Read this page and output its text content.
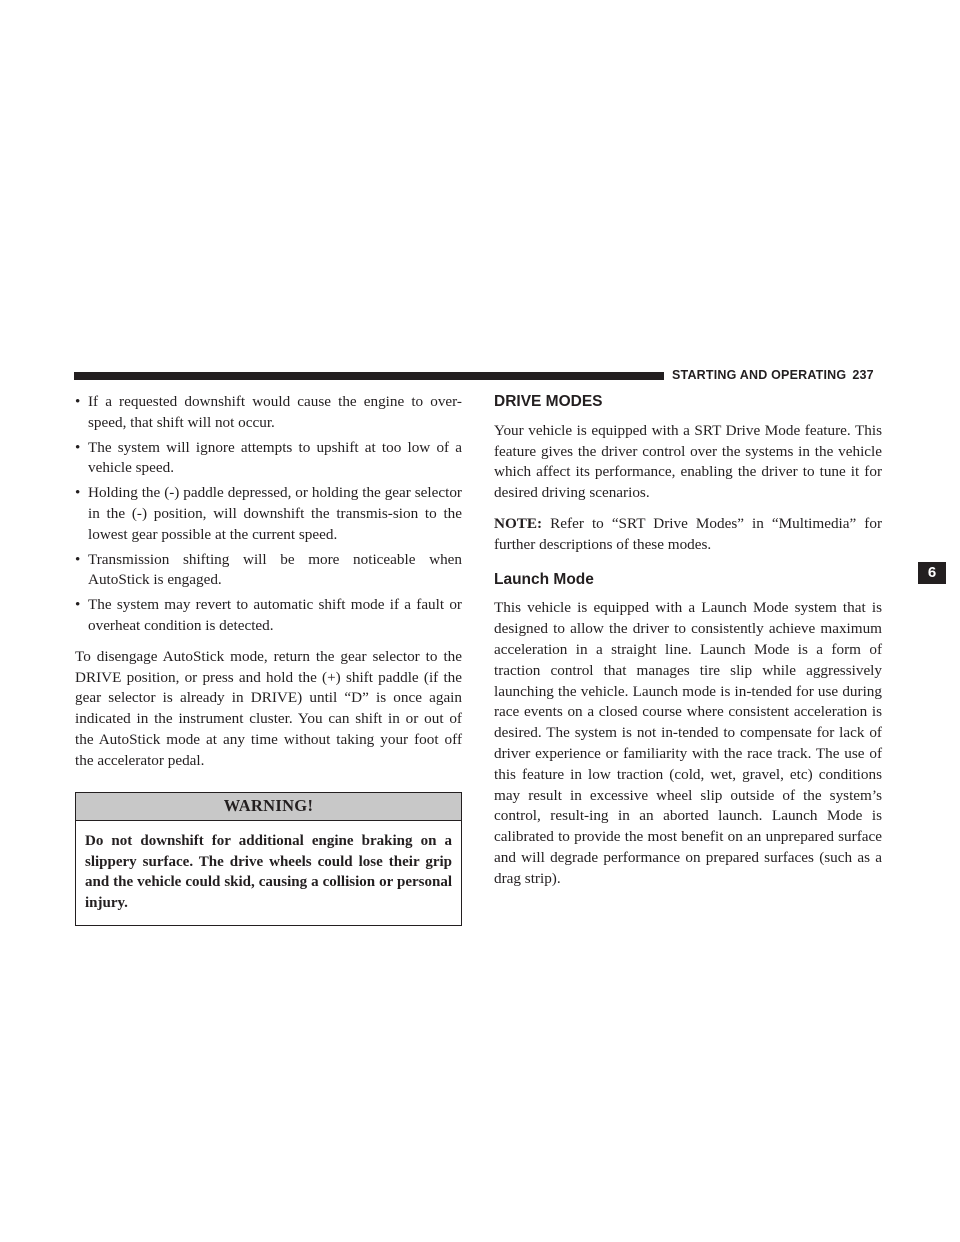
STARTING AND OPERATING 237
• If a requested downshift would cause the engine to over-speed, that shift will not occur.
• The system will ignore attempts to upshift at too low of a vehicle speed.
• Holding the (-) paddle depressed, or holding the gear selector in the (-) position, will downshift the transmis-sion to the lowest gear possible at the current speed.
• Transmission shifting will be more noticeable when AutoStick is engaged.
• The system may revert to automatic shift mode if a fault or overheat condition is detected.

To disengage AutoStick mode, return the gear selector to the DRIVE position, or press and hold the (+) shift paddle (if the gear selector is already in DRIVE) until “D” is once again indicated in the instrument cluster. You can shift in or out of the AutoStick mode at any time without taking your foot off the accelerator pedal.

WARNING!
Do not downshift for additional engine braking on a slippery surface. The drive wheels could lose their grip and the vehicle could skid, causing a collision or personal injury.
DRIVE MODES

Your vehicle is equipped with a SRT Drive Mode feature. This feature gives the driver control over the systems in the vehicle which affect its performance, enabling the driver to tune it for desired driving scenarios.

NOTE: Refer to “SRT Drive Modes” in “Multimedia” for further descriptions of these modes.

Launch Mode

This vehicle is equipped with a Launch Mode system that is designed to allow the driver to consistently achieve maximum acceleration in a straight line. Launch Mode is a form of traction control that manages tire slip while aggressively launching the vehicle. Launch mode is in-tended for use during race events on a closed course where consistent acceleration is desired. The system is not in-tended to compensate for lack of driver experience or familiarity with the race track. The use of this feature in low traction (cold, wet, gravel, etc) conditions may result in excessive wheel slip outside of the system’s control, result-ing in an aborted launch. Launch Mode is calibrated to provide the most benefit on an unprepared surface and will degrade performance on prepared surfaces (such as a drag strip).

6
